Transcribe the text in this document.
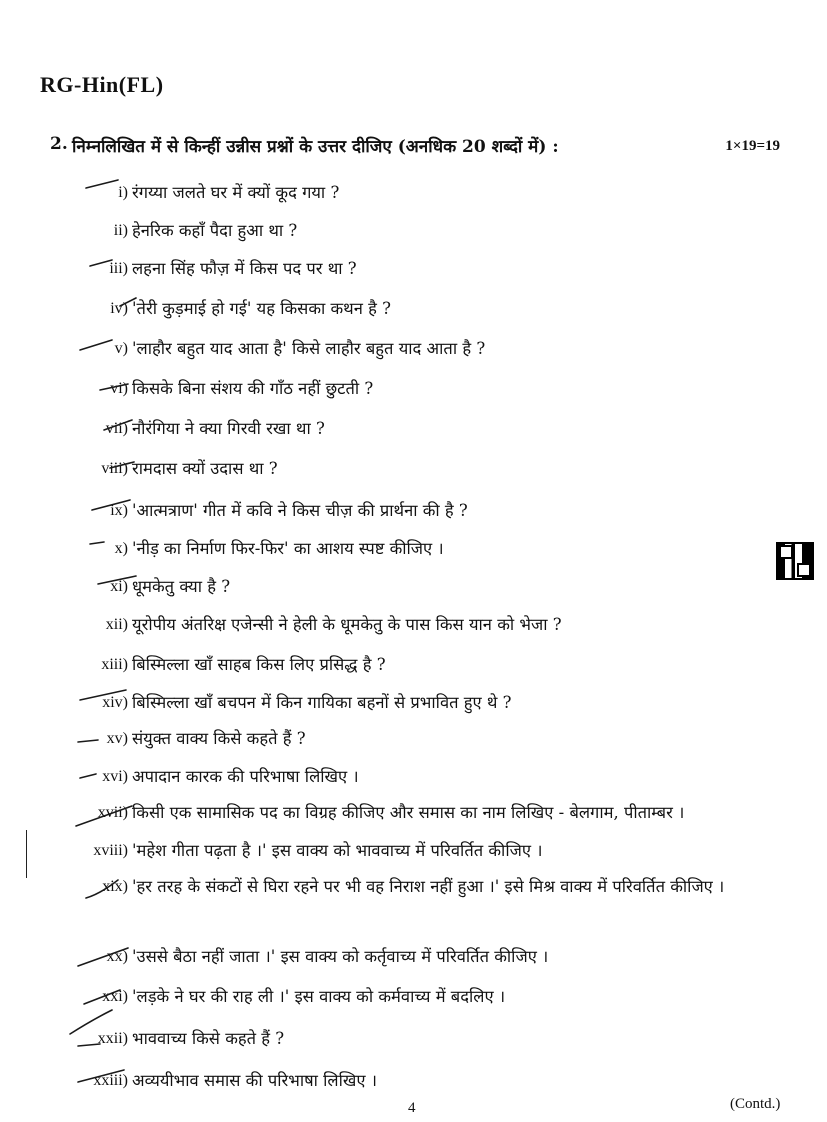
RG-Hin(FL)
2. निम्नलिखित में से किन्हीं उन्नीस प्रश्नों के उत्तर दीजिए (अनधिक 20 शब्दों में) :	1×19=19
i) रंगय्या जलते घर में क्यों कूद गया ?
ii) हेनरिक कहाँ पैदा हुआ था ?
iii) लहना सिंह फौज़ में किस पद पर था ?
iv) 'तेरी कुड़माई हो गई' यह किसका कथन है ?
v) 'लाहौर बहुत याद आता है' किसे लाहौर बहुत याद आता है ?
vi) किसके बिना संशय की गाँठ नहीं छुटती ?
vii) नौरंगिया ने क्या गिरवी रखा था ?
viii) रामदास क्यों उदास था ?
ix) 'आत्मत्राण' गीत में कवि ने किस चीज़ की प्रार्थना की है ?
x) 'नीड़ का निर्माण फिर-फिर' का आशय स्पष्ट कीजिए ।
xi) धूमकेतु क्या है ?
xii) यूरोपीय अंतरिक्ष एजेन्सी ने हेली के धूमकेतु के पास किस यान को भेजा ?
xiii) बिस्मिल्ला खाँ साहब किस लिए प्रसिद्ध है ?
xiv) बिस्मिल्ला खाँ बचपन में किन गायिका बहनों से प्रभावित हुए थे ?
xv) संयुक्त वाक्य किसे कहते हैं ?
xvi) अपादान कारक की परिभाषा लिखिए ।
xvii) किसी एक सामासिक पद का विग्रह कीजिए और समास का नाम लिखिए - बेलगाम, पीताम्बर ।
xviii) 'महेश गीता पढ़ता है ।' इस वाक्य को भाववाच्य में परिवर्तित कीजिए ।
xix) 'हर तरह के संकटों से घिरा रहने पर भी वह निराश नहीं हुआ ।' इसे मिश्र वाक्य में परिवर्तित कीजिए ।
xx) 'उससे बैठा नहीं जाता ।' इस वाक्य को कर्तृवाच्य में परिवर्तित कीजिए ।
xxi) 'लड़के ने घर की राह ली ।' इस वाक्य को कर्मवाच्य में बदलिए ।
xxii) भाववाच्य किसे कहते हैं ?
xxiii) अव्ययीभाव समास की परिभाषा लिखिए ।
4	(Contd.)
